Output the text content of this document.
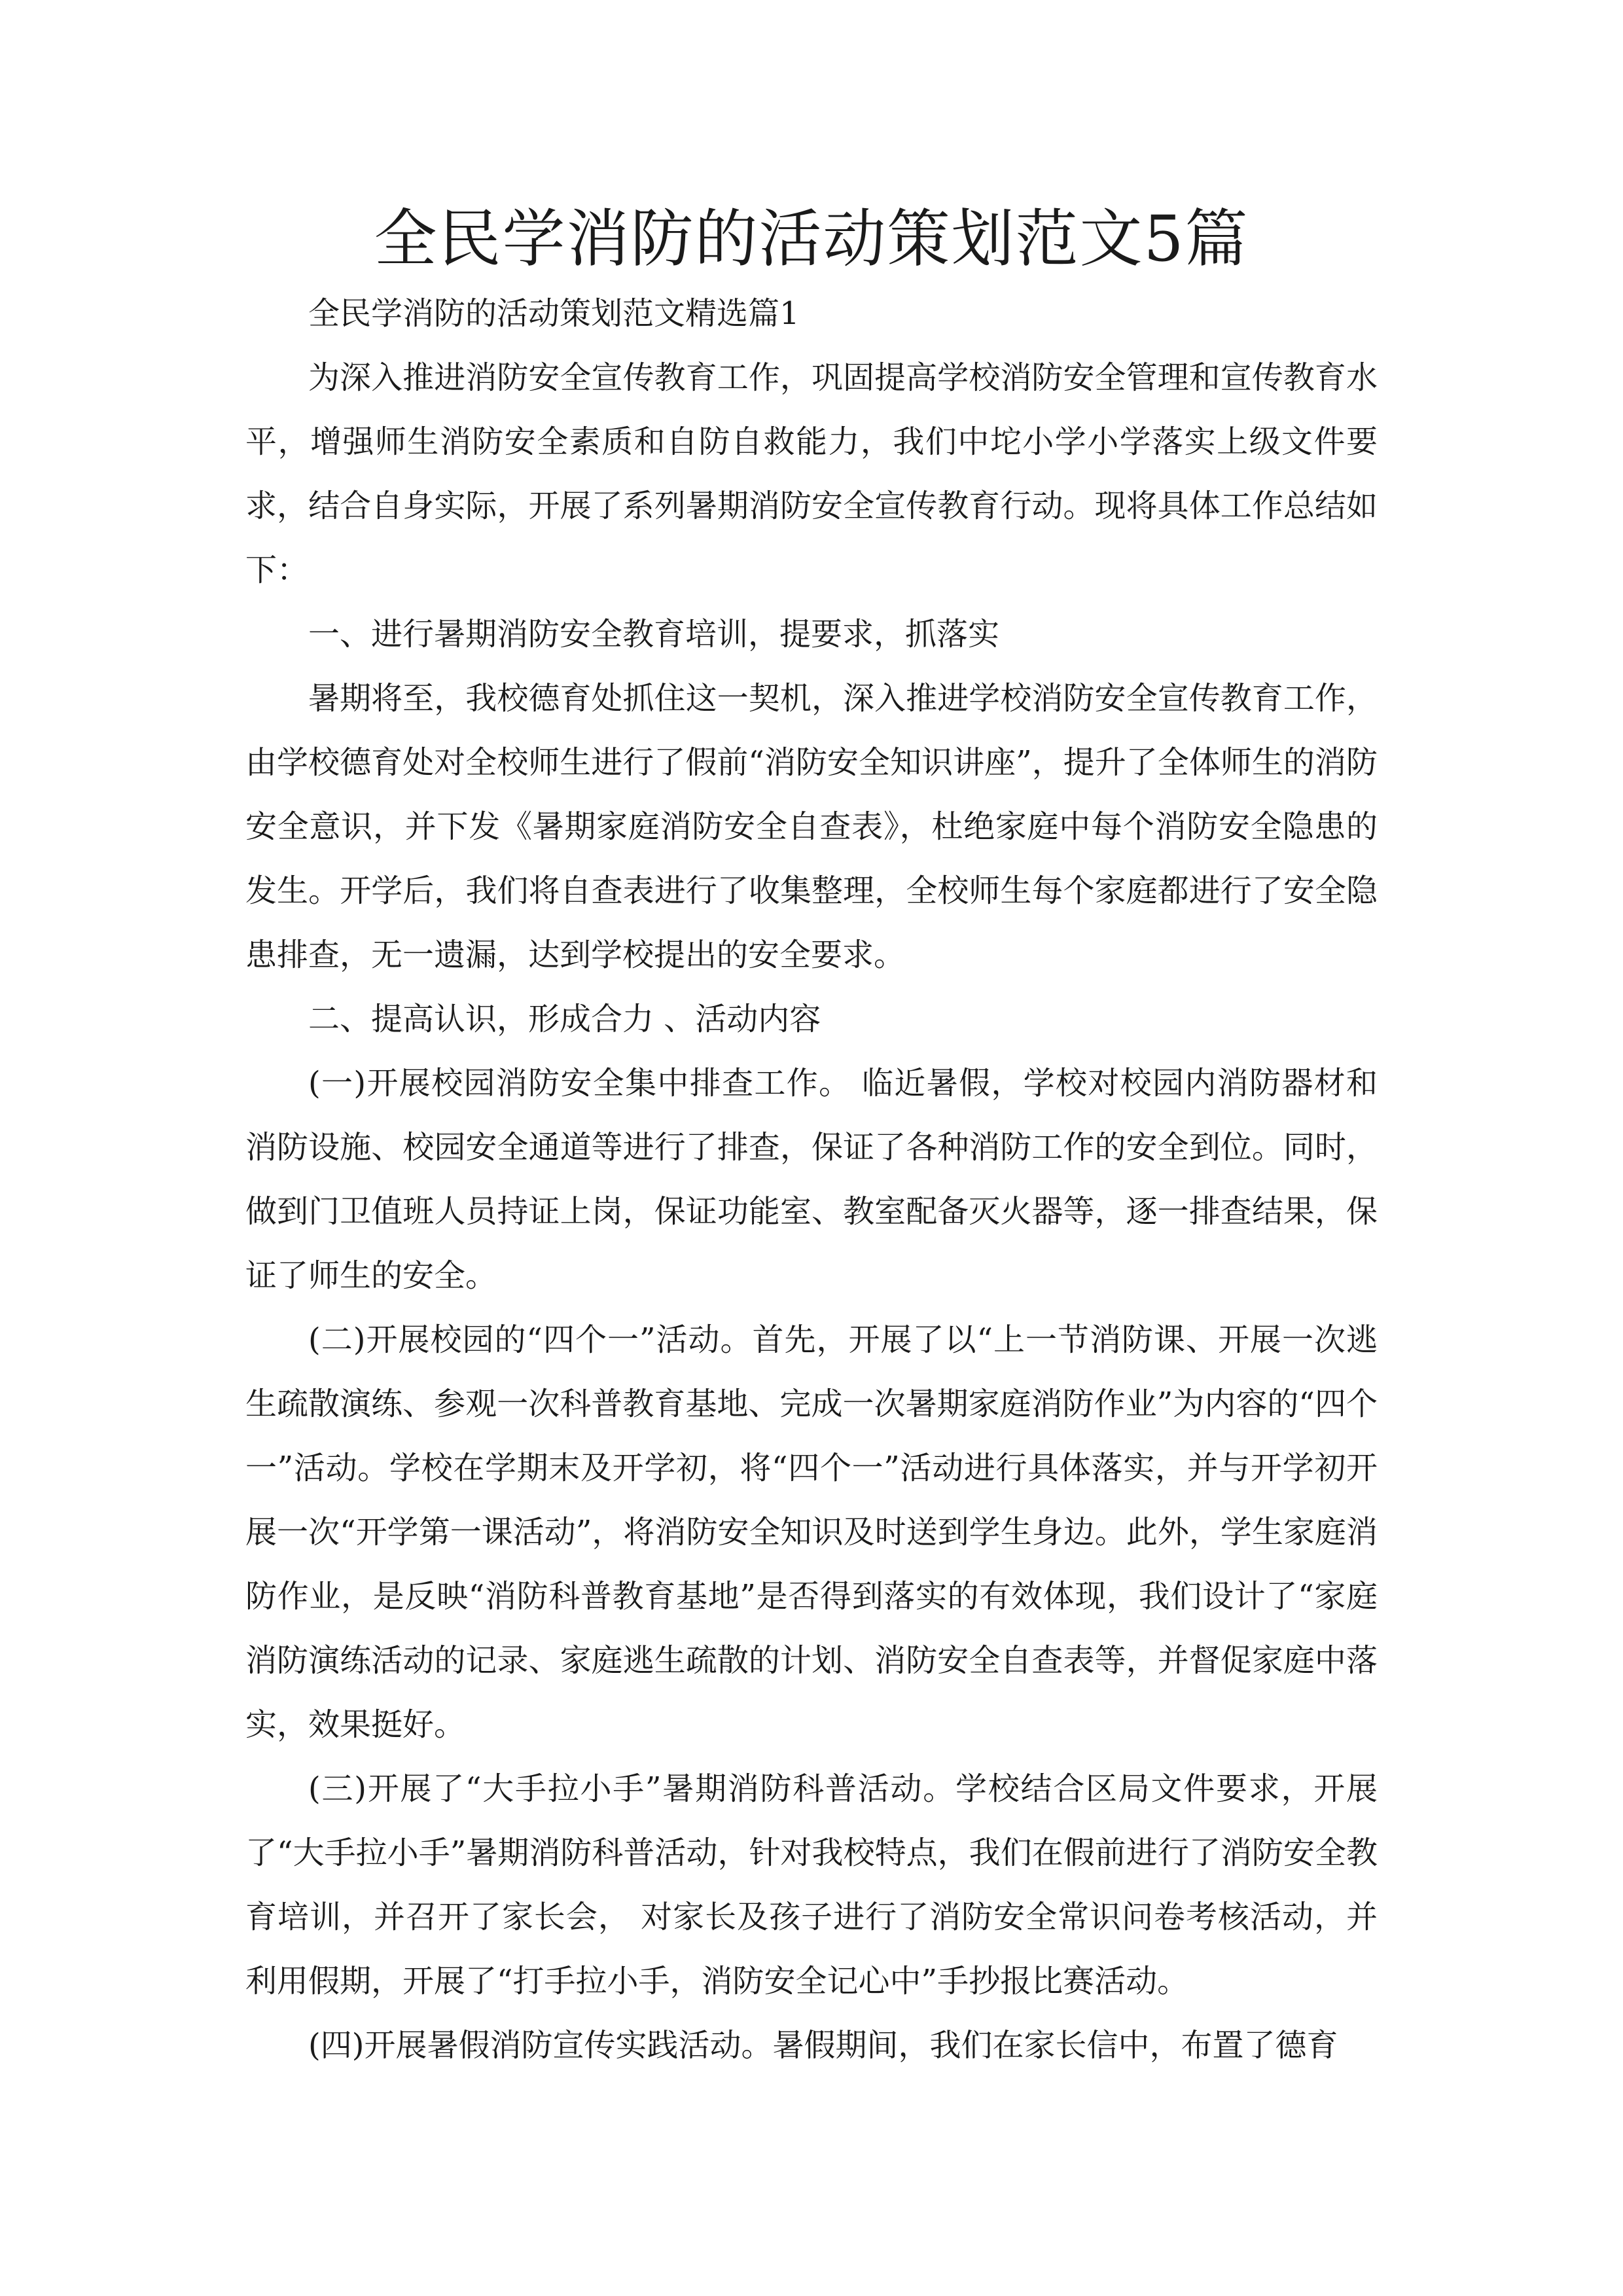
全民学消防的活动策划范文5篇

全民学消防的活动策划范文精选篇1

为深入推进消防安全宣传教育工作，巩固提高学校消防安全管理和宣传教育水平，增强师生消防安全素质和自防自救能力，我们中坨小学小学落实上级文件要求，结合自身实际，开展了系列暑期消防安全宣传教育行动。现将具体工作总结如下：

一、进行暑期消防安全教育培训，提要求，抓落实

暑期将至，我校德育处抓住这一契机，深入推进学校消防安全宣传教育工作，由学校德育处对全校师生进行了假前“消防安全知识讲座”，提升了全体师生的消防安全意识，并下发《暑期家庭消防安全自查表》，杜绝家庭中每个消防安全隐患的发生。开学后，我们将自查表进行了收集整理，全校师生每个家庭都进行了安全隐患排查，无一遗漏，达到学校提出的安全要求。

二、提高认识，形成合力 、活动内容

(一)开展校园消防安全集中排查工作。 临近暑假，学校对校园内消防器材和消防设施、校园安全通道等进行了排查，保证了各种消防工作的安全到位。同时，做到门卫值班人员持证上岗，保证功能室、教室配备灭火器等，逐一排查结果，保证了师生的安全。

(二)开展校园的“四个一”活动。首先，开展了以“上一节消防课、开展一次逃生疏散演练、参观一次科普教育基地、完成一次暑期家庭消防作业”为内容的“四个一”活动。学校在学期末及开学初，将“四个一”活动进行具体落实，并与开学初开展一次“开学第一课活动”，将消防安全知识及时送到学生身边。此外，学生家庭消防作业，是反映“消防科普教育基地”是否得到落实的有效体现，我们设计了“家庭消防演练活动的记录、家庭逃生疏散的计划、消防安全自查表等，并督促家庭中落实，效果挺好。

(三)开展了“大手拉小手”暑期消防科普活动。学校结合区局文件要求，开展了“大手拉小手”暑期消防科普活动，针对我校特点，我们在假前进行了消防安全教育培训，并召开了家长会， 对家长及孩子进行了消防安全常识问卷考核活动，并利用假期，开展了“打手拉小手，消防安全记心中”手抄报比赛活动。

(四)开展暑假消防宣传实践活动。暑假期间，我们在家长信中，布置了德育
